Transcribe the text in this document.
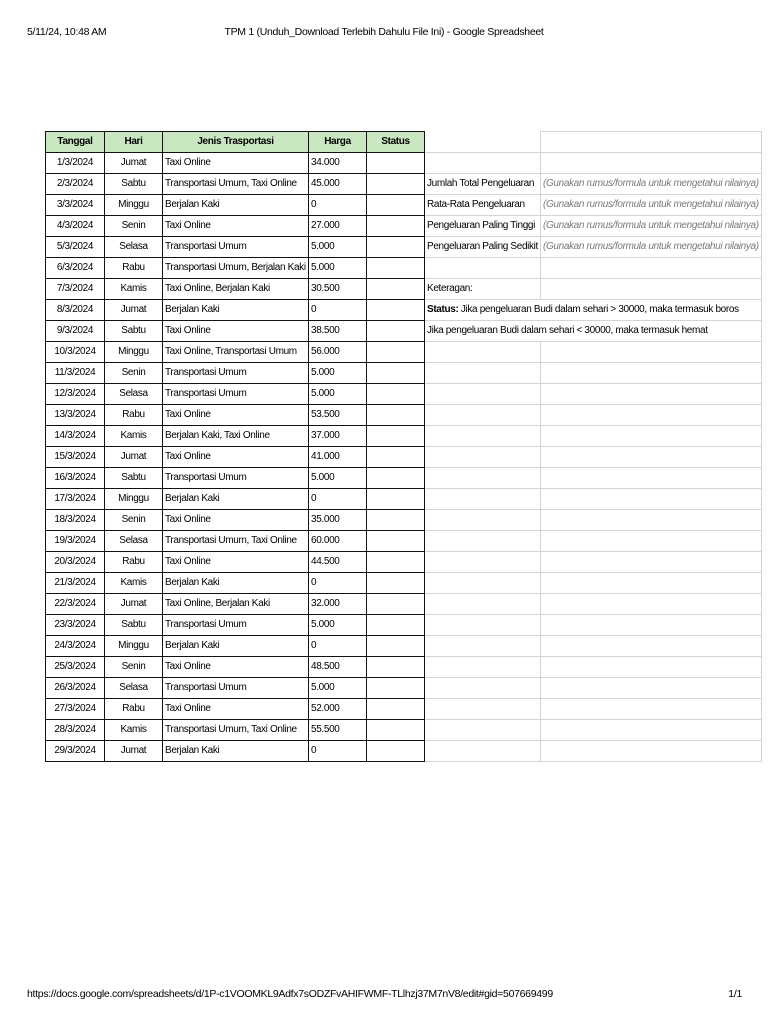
5/11/24, 10:48 AM	TPM 1 (Unduh_Download Terlebih Dahulu File Ini) - Google Spreadsheet
Tanggal	Hari	Jenis Trasportasi	Harga	Status		
1/3/2024	Jumat	Taxi Online	34.000			
2/3/2024	Sabtu	Transportasi Umum, Taxi Online	45.000		Jumlah Total Pengeluaran	(Gunakan rumus/formula untuk mengetahui nilainya)
3/3/2024	Minggu	Berjalan Kaki	0		Rata-Rata Pengeluaran	(Gunakan rumus/formula untuk mengetahui nilainya)
4/3/2024	Senin	Taxi Online	27.000		Pengeluaran Paling Tinggi	(Gunakan rumus/formula untuk mengetahui nilainya)
5/3/2024	Selasa	Transportasi Umum	5.000		Pengeluaran Paling Sedikit	(Gunakan rumus/formula untuk mengetahui nilainya)
6/3/2024	Rabu	Transportasi Umum, Berjalan Kaki	5.000			
7/3/2024	Kamis	Taxi Online, Berjalan Kaki	30.500		Keteragan:	
8/3/2024	Jumat	Berjalan Kaki	0		Status: Jika pengeluaran Budi dalam sehari > 30000, maka termasuk boros	
9/3/2024	Sabtu	Taxi Online	38.500		Jika pengeluaran Budi dalam sehari < 30000, maka termasuk hemat	
10/3/2024	Minggu	Taxi Online, Transportasi Umum	56.000			
11/3/2024	Senin	Transportasi Umum	5.000			
12/3/2024	Selasa	Transportasi Umum	5.000			
13/3/2024	Rabu	Taxi Online	53.500			
14/3/2024	Kamis	Berjalan Kaki, Taxi Online	37.000			
15/3/2024	Jumat	Taxi Online	41.000			
16/3/2024	Sabtu	Transportasi Umum	5.000			
17/3/2024	Minggu	Berjalan Kaki	0			
18/3/2024	Senin	Taxi Online	35.000			
19/3/2024	Selasa	Transportasi Umum, Taxi Online	60.000			
20/3/2024	Rabu	Taxi Online	44.500			
21/3/2024	Kamis	Berjalan Kaki	0			
22/3/2024	Jumat	Taxi Online, Berjalan Kaki	32.000			
23/3/2024	Sabtu	Transportasi Umum	5.000			
24/3/2024	Minggu	Berjalan Kaki	0			
25/3/2024	Senin	Taxi Online	48.500			
26/3/2024	Selasa	Transportasi Umum	5.000			
27/3/2024	Rabu	Taxi Online	52.000			
28/3/2024	Kamis	Transportasi Umum, Taxi Online	55.500			
29/3/2024	Jumat	Berjalan Kaki	0			
https://docs.google.com/spreadsheets/d/1P-c1VOOMKL9Adfx7sODZFvAHIFWMF-TLlhzj37M7nV8/edit#gid=507669499	1/1
